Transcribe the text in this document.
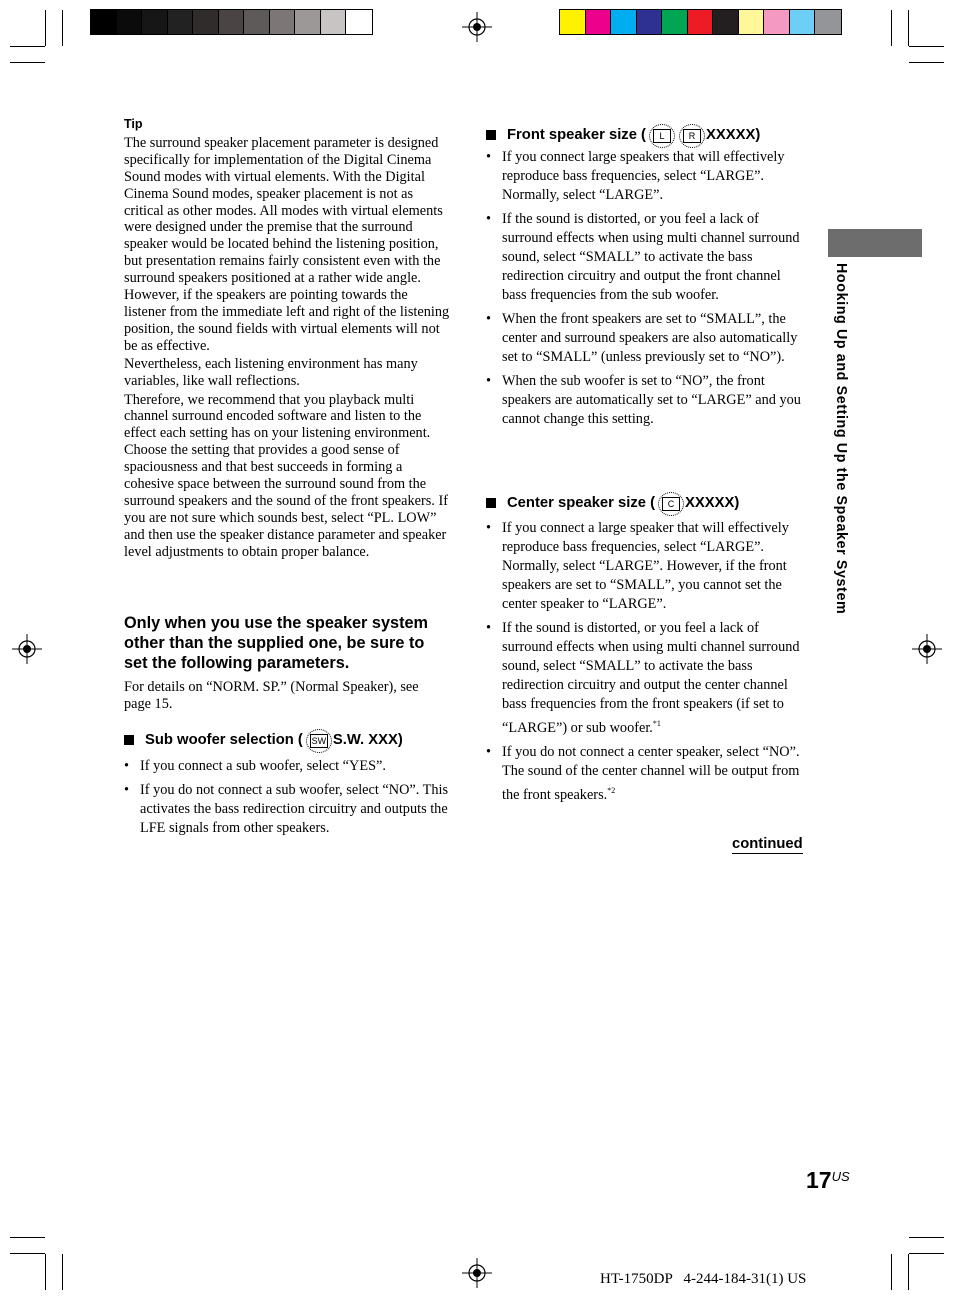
Tip

The surround speaker placement parameter is designed specifically for implementation of the Digital Cinema Sound modes with virtual elements. With the Digital Cinema Sound modes, speaker placement is not as critical as other modes. All modes with virtual elements were designed under the premise that the surround speaker would be located behind the listening position, but presentation remains fairly consistent even with the surround speakers positioned at a rather wide angle. However, if the speakers are pointing towards the listener from the immediate left and right of the listening position, the sound fields with virtual elements will not be as effective.

Nevertheless, each listening environment has many variables, like wall reflections.

Therefore, we recommend that you playback multi channel surround encoded software and listen to the effect each setting has on your listening environment. Choose the setting that provides a good sense of spaciousness and that best succeeds in forming a cohesive space between the surround sound from the surround speakers and the sound of the front speakers. If you are not sure which sounds best, select “PL. LOW” and then use the speaker distance parameter and speaker level adjustments to obtain proper balance.

Only when you use the speaker system other than the supplied one, be sure to set the following parameters.
For details on “NORM. SP.” (Normal Speaker), see page 15.
Sub woofer selection ( SW S.W. XXX)
• If you connect a sub woofer, select “YES”.
• If you do not connect a sub woofer, select “NO”. This activates the bass redirection circuitry and outputs the LFE signals from other speakers.
Front speaker size (	L	R XXXXX)
• If you connect large speakers that will effectively reproduce bass frequencies, select “LARGE”. Normally, select “LARGE”.
• If the sound is distorted, or you feel a lack of surround effects when using multi channel surround sound, select “SMALL” to activate the bass redirection circuitry and output the front channel bass frequencies from the sub woofer.
• When the front speakers are set to “SMALL”, the center and surround speakers are also automatically set to “SMALL” (unless previously set to “NO”).
• When the sub woofer is set to “NO”, the front speakers are automatically set to “LARGE” and you cannot change this setting.
Center speaker size (	C XXXXX)
• If you connect a large speaker that will effectively reproduce bass frequencies, select “LARGE”. Normally, select “LARGE”. However, if the front speakers are set to “SMALL”, you cannot set the center speaker to “LARGE”.
• If the sound is distorted, or you feel a lack of surround effects when using multi channel surround sound, select “SMALL” to activate the bass redirection circuitry and output the center channel bass frequencies from the front speakers (if set to “LARGE”) or sub woofer.$^{*1}$
• If you do not connect a center speaker, select “NO”. The sound of the center channel will be output from the front speakers.$^{*2}$
continued
Hooking Up and Setting Up the Speaker System
$17^{US}$
HT-1750DP   4-244-184-31(1) US
